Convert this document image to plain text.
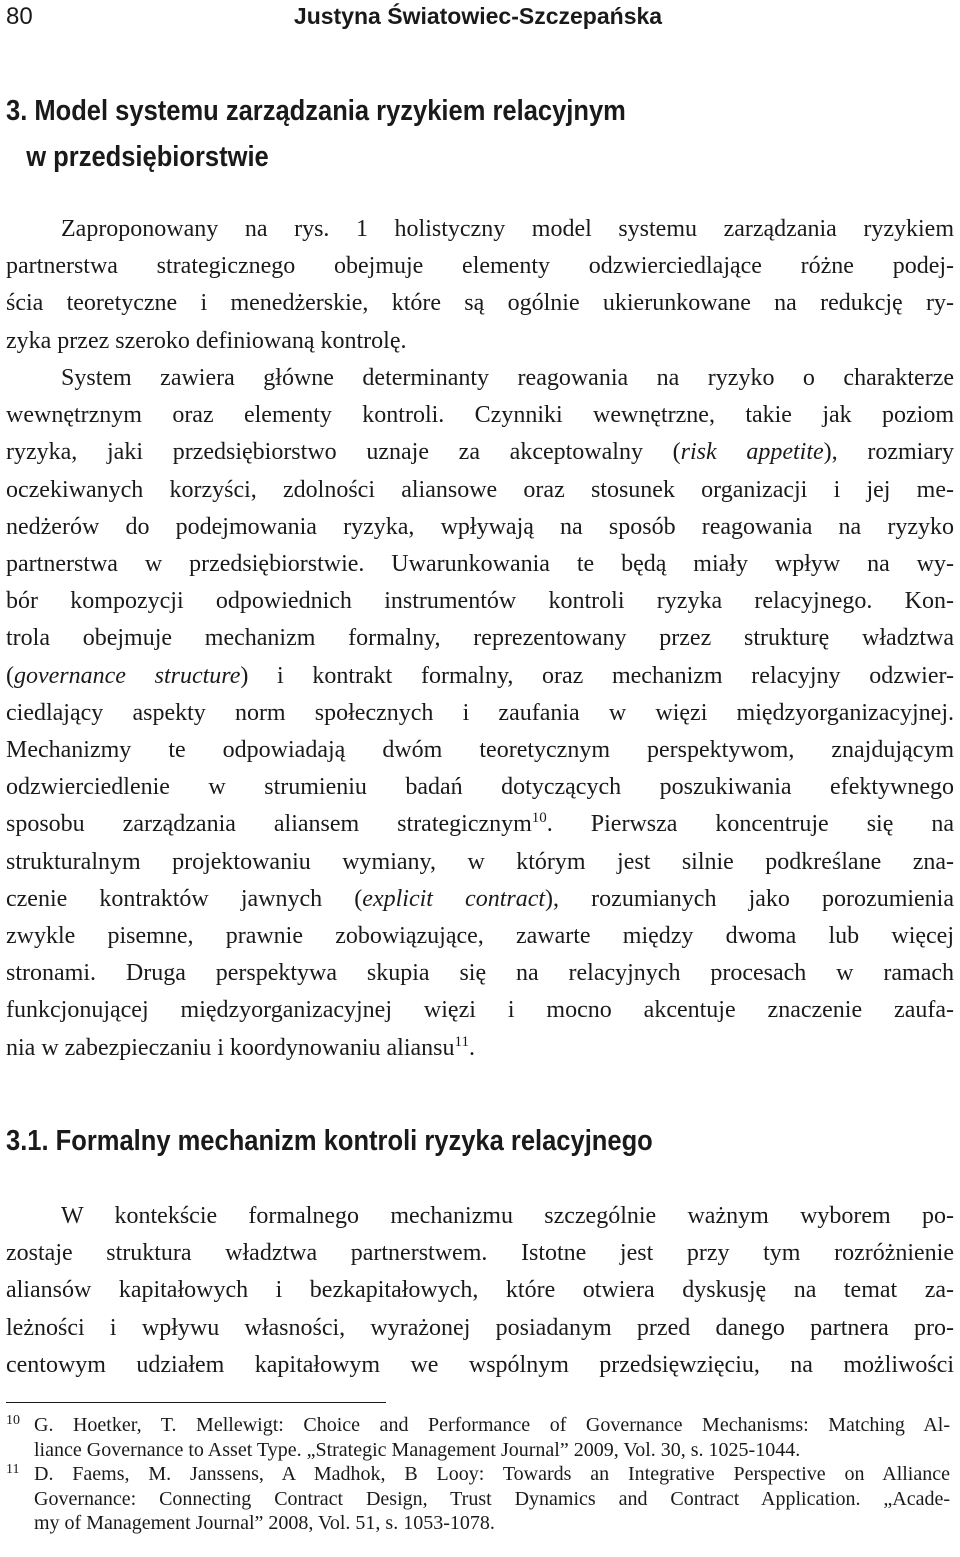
80	Justyna Światowiec-Szczepańska
3. Model systemu zarządzania ryzykiem relacyjnym
w przedsiębiorstwie
Zaproponowany na rys. 1 holistyczny model systemu zarządzania ryzykiem
partnerstwa strategicznego obejmuje elementy odzwierciedlające różne podej-
ścia teoretyczne i menedżerskie, które są ogólnie ukierunkowane na redukcję ry-
zyka przez szeroko definiowaną kontrolę.
System zawiera główne determinanty reagowania na ryzyko o charakterze
wewnętrznym oraz elementy kontroli. Czynniki wewnętrzne, takie jak poziom
ryzyka, jaki przedsiębiorstwo uznaje za akceptowalny (risk appetite), rozmiary
oczekiwanych korzyści, zdolności aliansowe oraz stosunek organizacji i jej me-
nedżerów do podejmowania ryzyka, wpływają na sposób reagowania na ryzyko
partnerstwa w przedsiębiorstwie. Uwarunkowania te będą miały wpływ na wy-
bór kompozycji odpowiednich instrumentów kontroli ryzyka relacyjnego. Kon-
trola obejmuje mechanizm formalny, reprezentowany przez strukturę władztwa
(governance structure) i kontrakt formalny, oraz mechanizm relacyjny odzwier-
ciedlający aspekty norm społecznych i zaufania w więzi międzyorganizacyjnej.
Mechanizmy te odpowiadają dwóm teoretycznym perspektywom, znajdującym
odzwierciedlenie w strumieniu badań dotyczących poszukiwania efektywnego
sposobu zarządzania aliansem strategicznym$^{10}$. Pierwsza koncentruje się na
strukturalnym projektowaniu wymiany, w którym jest silnie podkreślane zna-
czenie kontraktów jawnych (explicit contract), rozumianych jako porozumienia
zwykle pisemne, prawnie zobowiązujące, zawarte między dwoma lub więcej
stronami. Druga perspektywa skupia się na relacyjnych procesach w ramach
funkcjonującej międzyorganizacyjnej więzi i mocno akcentuje znaczenie zaufa-
nia w zabezpieczaniu i koordynowaniu aliansu$^{11}$.
3.1. Formalny mechanizm kontroli ryzyka relacyjnego
W kontekście formalnego mechanizmu szczególnie ważnym wyborem po-
zostaje struktura władztwa partnerstwem. Istotne jest przy tym rozróżnienie
aliansów kapitałowych i bezkapitałowych, które otwiera dyskusję na temat za-
leżności i wpływu własności, wyrażonej posiadanym przed danego partnera pro-
centowym udziałem kapitałowym we wspólnym przedsięwzięciu, na możliwości
10 G. Hoetker, T. Mellewigt: Choice and Performance of Governance Mechanisms: Matching Al-
liance Governance to Asset Type. „Strategic Management Journal” 2009, Vol. 30, s. 1025-1044.
11 D. Faems, M. Janssens, A Madhok, B Looy: Towards an Integrative Perspective on Alliance
Governance: Connecting Contract Design, Trust Dynamics and Contract Application. „Acade-
my of Management Journal” 2008, Vol. 51, s. 1053-1078.
